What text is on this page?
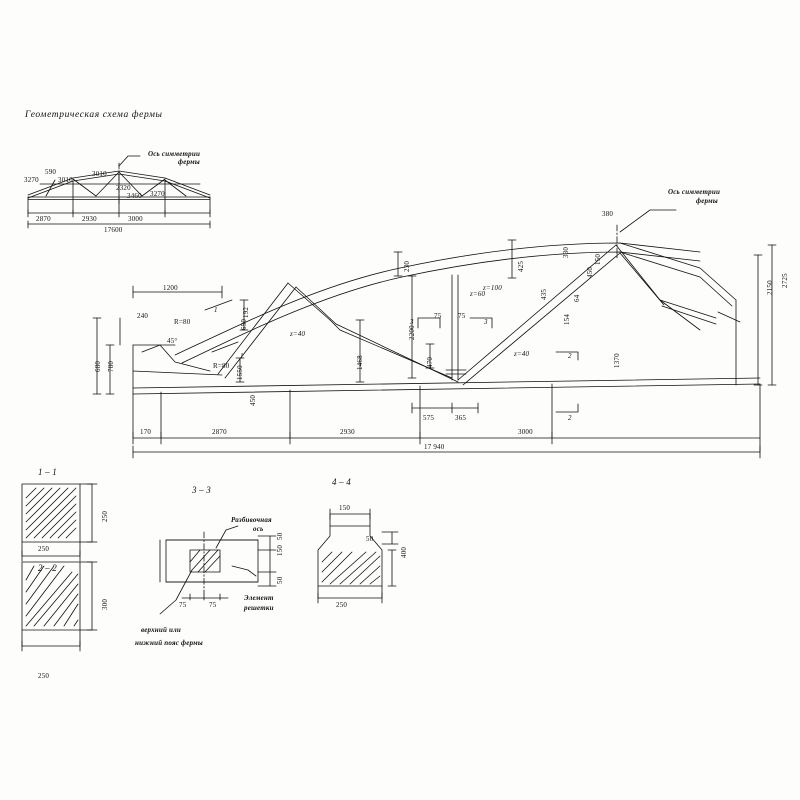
Геометрическая схема фермы
Ось симметрии
фермы
3270	3010
3010
3270
590
2320
3460
2870	2930	3000
17600
Ось симметрии
фермы
230	425
330
380
435
450
150
64
154
1370
1200
240
680 780
450
R=80
R=80
45°
1
1	2
2
3	3
2200
1468
650
1550
470
575	365
75 75
192
z=60
z=100
z=40
z=40
2725
2150
170	2870	2930	3000
17 940
1 – 1
250
250
2 – 2
250
300
3 – 3
Разбивочная
ось
Элемент
решетки
верхний или
нижний пояс фермы
75	75
50
150
50
4 – 4
150
50
400
250
